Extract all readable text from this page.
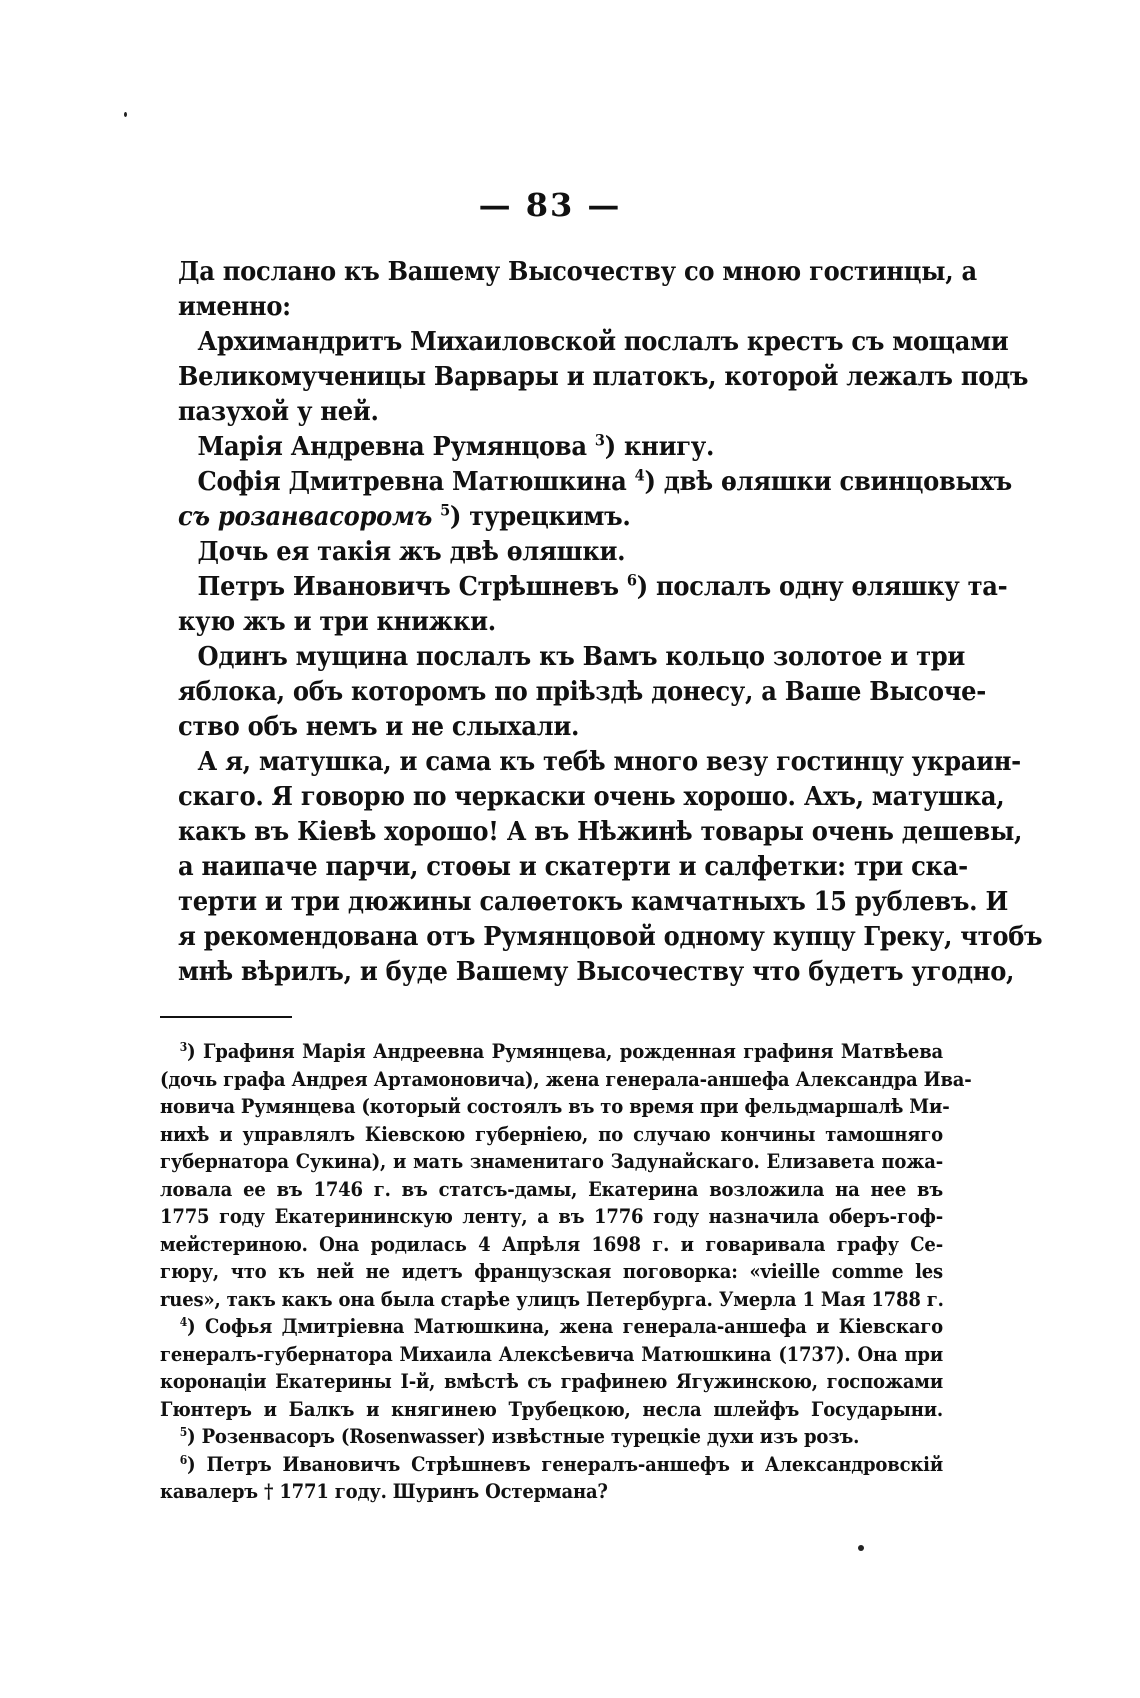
— 83 —
Да послано къ Вашему Высочеству со мною гостинцы, а
именно:
Архимандритъ Михаиловской послалъ крестъ съ мощами
Великомученицы Варвары и платокъ, которой лежалъ подъ
пазухой у ней.
Марія Андревна Румянцова $^3$) книгу.
Софія Дмитревна Матюшкина $^4$) двѣ ѳляшки свинцовыхъ
съ розанвасоромъ $^5$) турецкимъ.
Дочь ея такія жъ двѣ ѳляшки.
Петръ Ивановичъ Стрѣшневъ $^6$) послалъ одну ѳляшку та-
кую жъ и три книжки.
Одинъ мущина послалъ къ Вамъ кольцо золотое и три
яблока, объ которомъ по пріѣздѣ донесу, а Ваше Высоче-
ство объ немъ и не слыхали.
А я, матушка, и сама къ тебѣ много везу гостинцу украин-
скаго. Я говорю по черкаски очень хорошо. Ахъ, матушка,
какъ въ Кіевѣ хорошо! А въ Нѣжинѣ товары очень дешевы,
а наипаче парчи, стоѳы и скатерти и салфетки: три ска-
терти и три дюжины салѳетокъ камчатныхъ 15 рублевъ. И
я рекомендована отъ Румянцовой одному купцу Греку, чтобъ
мнѣ вѣрилъ, и буде Вашему Высочеству что будетъ угодно,
$^3$) Графиня Марія Андреевна Румянцева, рожденная графиня Матвѣева
(дочь графа Андрея Артамоновича), жена генерала-аншефа Александра Ива-
новича Румянцева (который состоялъ въ то время при фельдмаршалѣ Ми-
нихѣ и управлялъ Кіевскою губерніею, по случаю кончины тамошняго
губернатора Сукина), и мать знаменитаго Задунайскаго. Елизавета пожа-
ловала ее въ 1746 г. въ статсъ-дамы, Екатерина возложила на нее въ
1775 году Екатерининскую ленту, а въ 1776 году назначила оберъ-гоф-
мейстериною. Она родилась 4 Апрѣля 1698 г. и говаривала графу Се-
гюру, что къ ней не идетъ французская поговорка: «vieille comme les
rues», такъ какъ она была старѣе улицъ Петербурга. Умерла 1 Мая 1788 г.
$^4$) Софья Дмитріевна Матюшкина, жена генерала-аншефа и Кіевскаго
генералъ-губернатора Михаила Алексѣевича Матюшкина (1737). Она при
коронаціи Екатерины I-й, вмѣстѣ съ графинею Ягужинскою, госпожами
Гюнтеръ и Балкъ и княгинею Трубецкою, несла шлейфъ Государыни.
$^5$) Розенвасоръ (Rosenwasser) извѣстные турецкіе духи изъ розъ.
$^6$) Петръ Ивановичъ Стрѣшневъ генералъ-аншефъ и Александровскій
кавалеръ † 1771 году. Шуринъ Остермана?
